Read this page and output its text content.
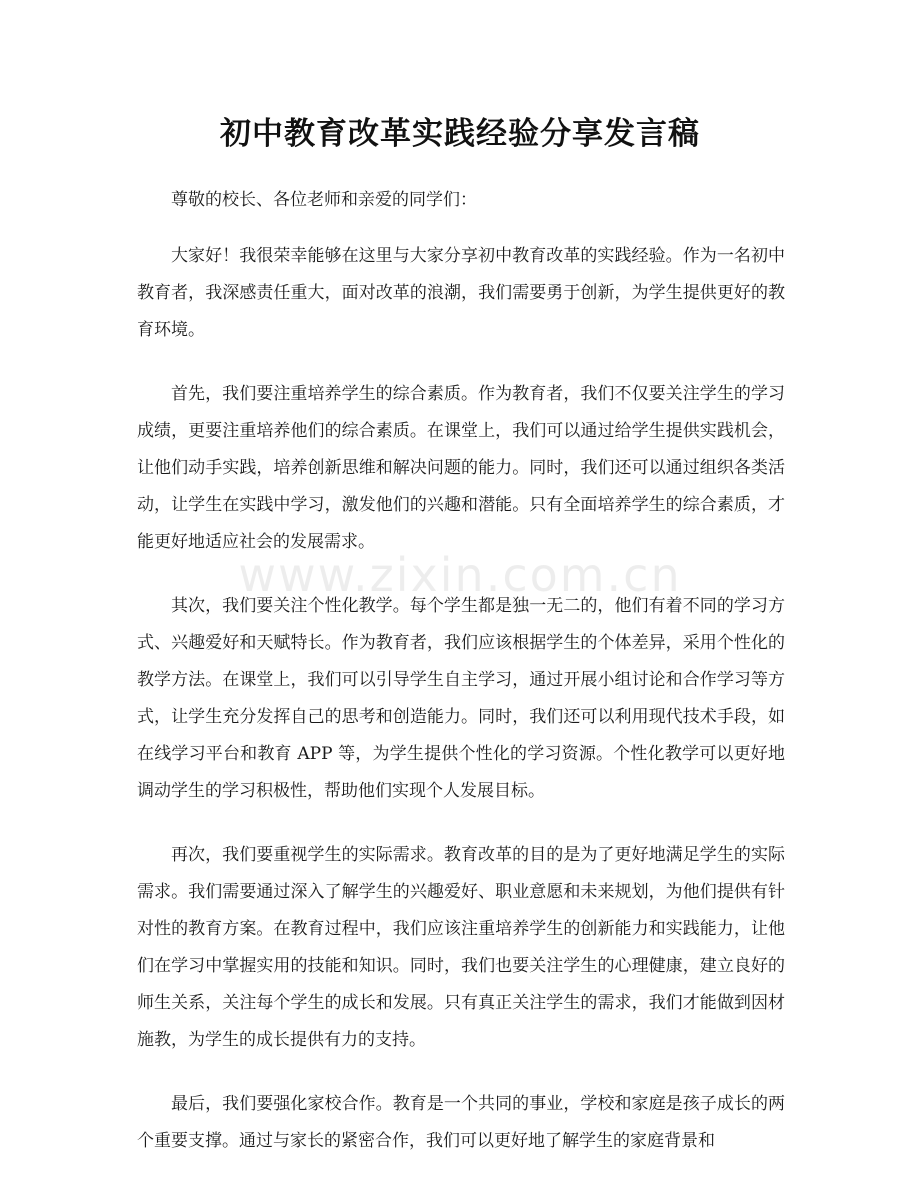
初中教育改革实践经验分享发言稿

尊敬的校长、各位老师和亲爱的同学们：

大家好！我很荣幸能够在这里与大家分享初中教育改革的实践经验。作为一名初中教育者，我深感责任重大，面对改革的浪潮，我们需要勇于创新，为学生提供更好的教育环境。

首先，我们要注重培养学生的综合素质。作为教育者，我们不仅要关注学生的学习成绩，更要注重培养他们的综合素质。在课堂上，我们可以通过给学生提供实践机会，让他们动手实践，培养创新思维和解决问题的能力。同时，我们还可以通过组织各类活动，让学生在实践中学习，激发他们的兴趣和潜能。只有全面培养学生的综合素质，才能更好地适应社会的发展需求。

其次，我们要关注个性化教学。每个学生都是独一无二的，他们有着不同的学习方式、兴趣爱好和天赋特长。作为教育者，我们应该根据学生的个体差异，采用个性化的教学方法。在课堂上，我们可以引导学生自主学习，通过开展小组讨论和合作学习等方式，让学生充分发挥自己的思考和创造能力。同时，我们还可以利用现代技术手段，如在线学习平台和教育 APP 等，为学生提供个性化的学习资源。个性化教学可以更好地调动学生的学习积极性，帮助他们实现个人发展目标。

再次，我们要重视学生的实际需求。教育改革的目的是为了更好地满足学生的实际需求。我们需要通过深入了解学生的兴趣爱好、职业意愿和未来规划，为他们提供有针对性的教育方案。在教育过程中，我们应该注重培养学生的创新能力和实践能力，让他们在学习中掌握实用的技能和知识。同时，我们也要关注学生的心理健康，建立良好的师生关系，关注每个学生的成长和发展。只有真正关注学生的需求，我们才能做到因材施教，为学生的成长提供有力的支持。

最后，我们要强化家校合作。教育是一个共同的事业，学校和家庭是孩子成长的两个重要支撑。通过与家长的紧密合作，我们可以更好地了解学生的家庭背景和

www.zixin.com.cn
